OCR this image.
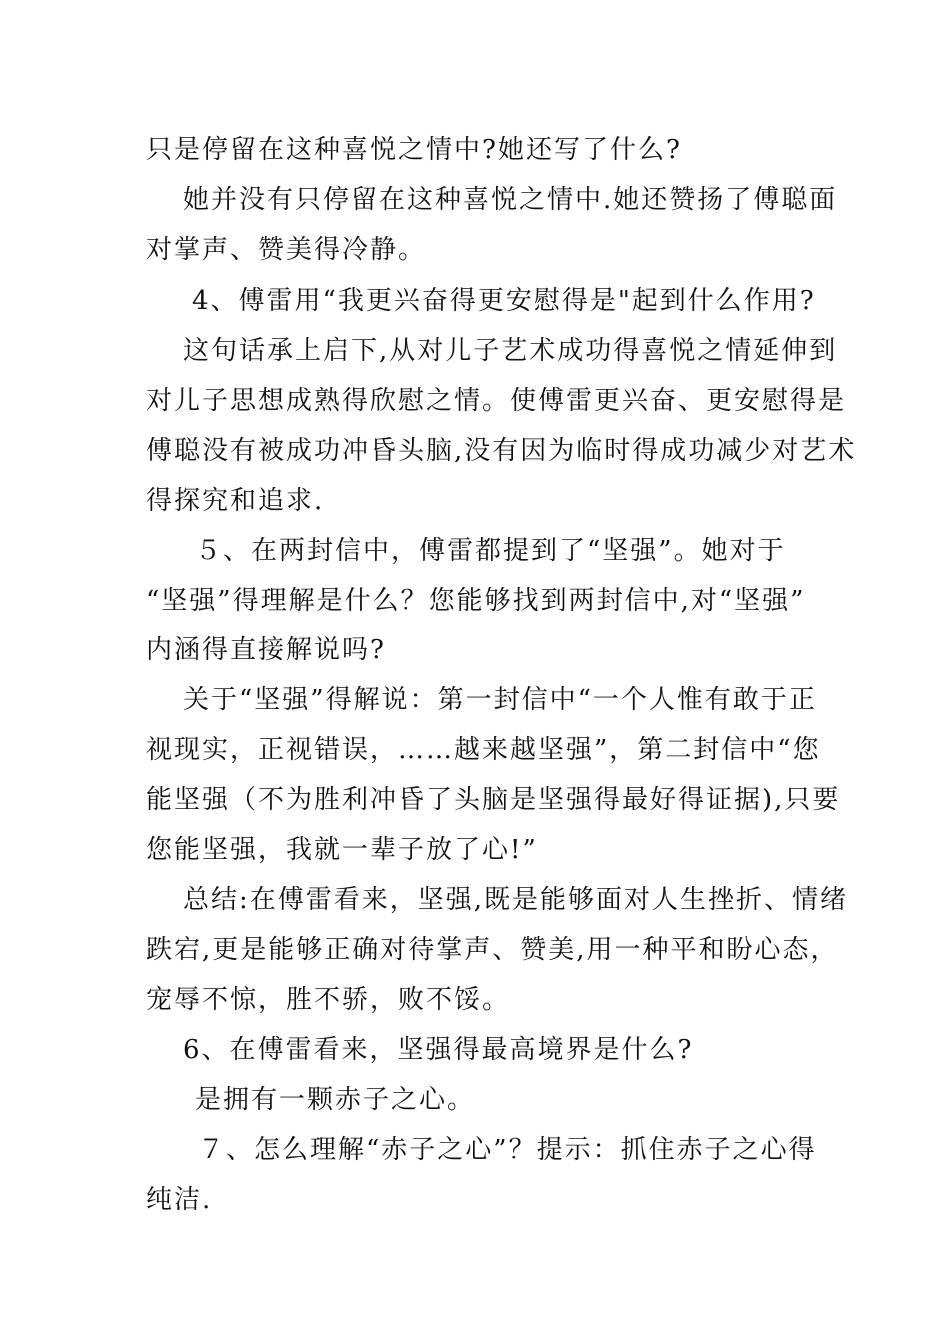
只是停留在这种喜悦之情中?她还写了什么?
她并没有只停留在这种喜悦之情中.她还赞扬了傅聪面
对掌声、赞美得冷静。
4、傅雷用“我更兴奋得更安慰得是"起到什么作用?
这句话承上启下,从对儿子艺术成功得喜悦之情延伸到
对儿子思想成熟得欣慰之情。使傅雷更兴奋、更安慰得是
傅聪没有被成功冲昏头脑,没有因为临时得成功减少对艺术
得探究和追求.
５、在两封信中，傅雷都提到了“坚强”。她对于
“坚强”得理解是什么？您能够找到两封信中,对“坚强”
内涵得直接解说吗?
关于“坚强”得解说：第一封信中“一个人惟有敢于正
视现实，正视错误，……越来越坚强”，第二封信中“您
能坚强（不为胜利冲昏了头脑是坚强得最好得证据),只要
您能坚强，我就一辈子放了心!”
总结:在傅雷看来，坚强,既是能够面对人生挫折、情绪
跌宕,更是能够正确对待掌声、赞美,用一种平和盼心态，
宠辱不惊，胜不骄，败不馁。
6、在傅雷看来，坚强得最高境界是什么?
是拥有一颗赤子之心。
７、怎么理解“赤子之心”？提示：抓住赤子之心得
纯洁.
